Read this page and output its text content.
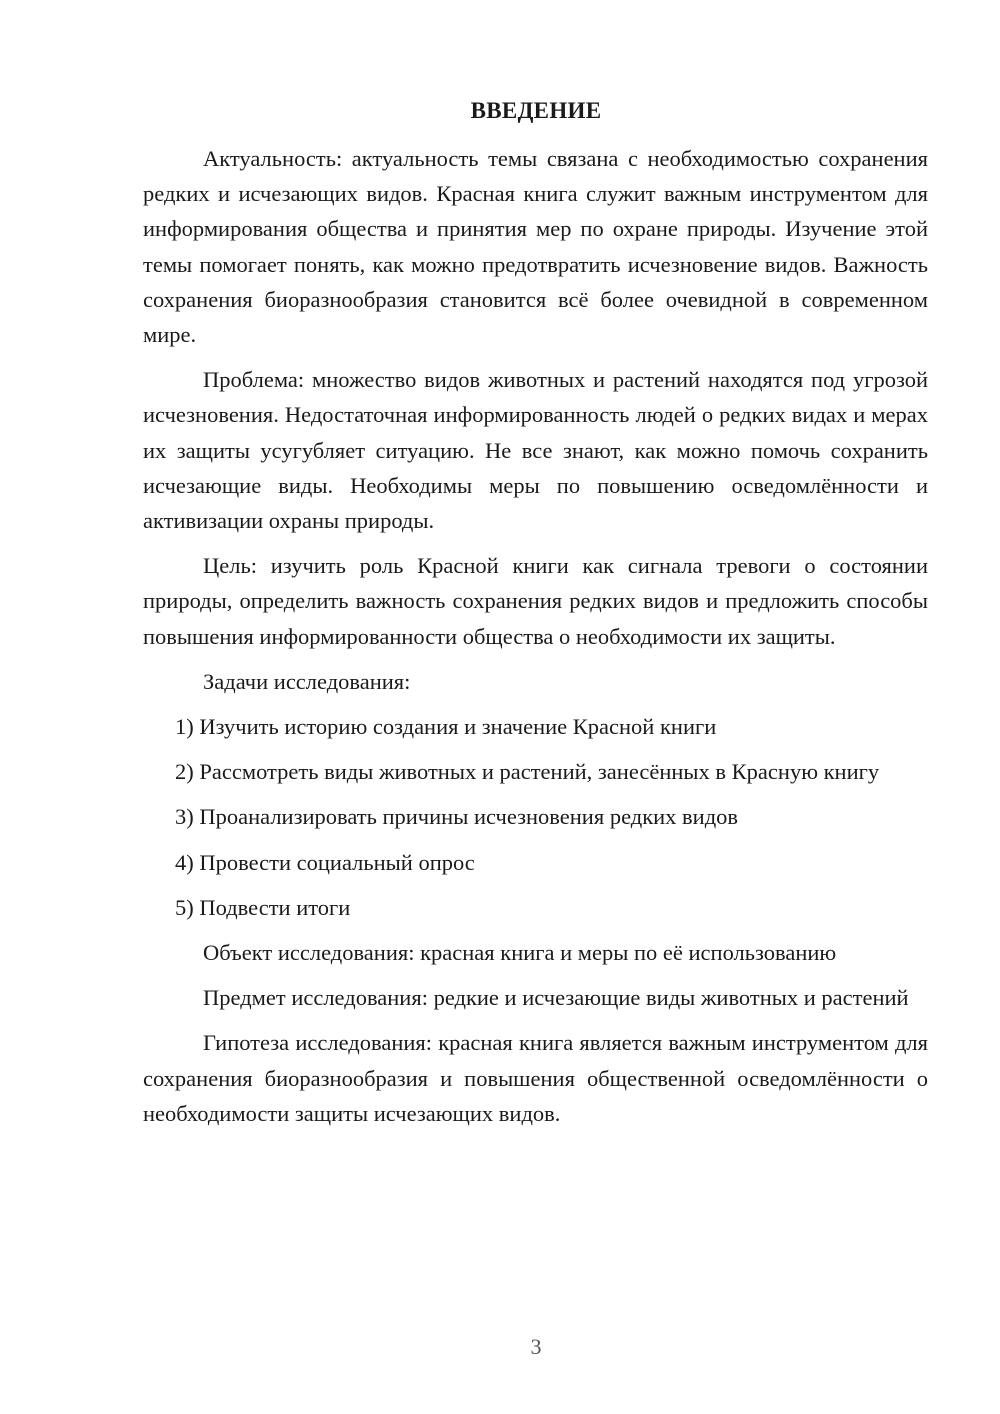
ВВЕДЕНИЕ

Актуальность: актуальность темы связана с необходимостью сохранения редких и исчезающих видов. Красная книга служит важным инструментом для информирования общества и принятия мер по охране природы. Изучение этой темы помогает понять, как можно предотвратить исчезновение видов. Важность сохранения биоразнообразия становится всё более очевидной в современном мире.

Проблема: множество видов животных и растений находятся под угрозой исчезновения. Недостаточная информированность людей о редких видах и мерах их защиты усугубляет ситуацию. Не все знают, как можно помочь сохранить исчезающие виды. Необходимы меры по повышению осведомлённости и активизации охраны природы.

Цель: изучить роль Красной книги как сигнала тревоги о состоянии природы, определить важность сохранения редких видов и предложить способы повышения информированности общества о необходимости их защиты.

Задачи исследования:

1) Изучить историю создания и значение Красной книги
2) Рассмотреть виды животных и растений, занесённых в Красную книгу
3) Проанализировать причины исчезновения редких видов
4) Провести социальный опрос
5) Подвести итоги

Объект исследования: красная книга и меры по её использованию

Предмет исследования: редкие и исчезающие виды животных и растений

Гипотеза исследования: красная книга является важным инструментом для сохранения биоразнообразия и повышения общественной осведомлённости о необходимости защиты исчезающих видов.

3
